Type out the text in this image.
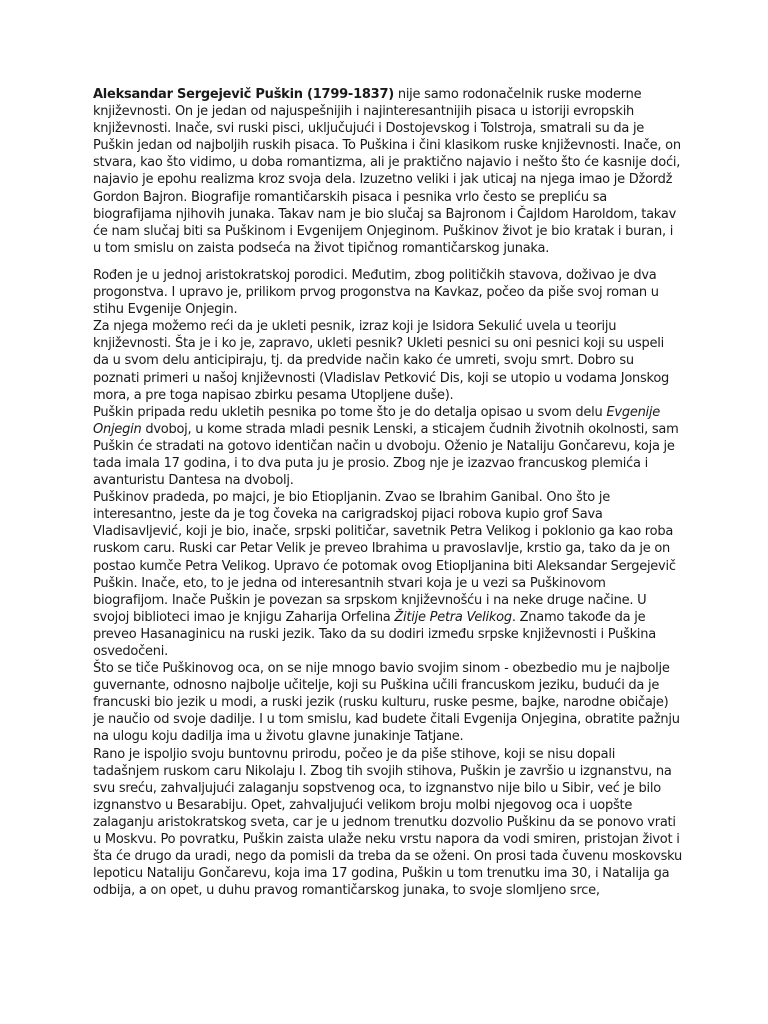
Aleksandar Sergejevič Puškin (1799-1837) nije samo rodonačelnik ruske moderne književnosti. On je jedan od najuspešnijih i najinteresantnijih pisaca u istoriji evropskih književnosti. Inače, svi ruski pisci, uključujući i Dostojevskog i Tolstroja, smatrali su da je Puškin jedan od najboljih ruskih pisaca. To Puškina i čini klasikom ruske književnosti. Inače, on stvara, kao što vidimo, u doba romantizma, ali je praktično najavio i nešto što će kasnije doći, najavio je epohu realizma kroz svoja dela. Izuzetno veliki i jak uticaj na njega imao je Džordž Gordon Bajron. Biografije romantičarskih pisaca i pesnika vrlo često se prepliću sa biografijama njihovih junaka. Takav nam je bio slučaj sa Bajronom i Čajldom Haroldom, takav će nam slučaj biti sa Puškinom i Evgenijem Onjeginom. Puškinov život je bio kratak i buran, i u tom smislu on zaista podseća na život tipičnog romantičarskog junaka.

Rođen je u jednoj aristokratskoj porodici. Međutim, zbog političkih stavova, doživao je dva progonstva. I upravo je, prilikom prvog progonstva na Kavkaz, počeo da piše svoj roman u stihu Evgenije Onjegin.

Za njega možemo reći da je ukleti pesnik, izraz koji je Isidora Sekulić uvela u teoriju književnosti. Šta je i ko je, zapravo, ukleti pesnik? Ukleti pesnici su oni pesnici koji su uspeli da u svom delu anticipiraju, tj. da predvide način kako će umreti, svoju smrt. Dobro su poznati primeri u našoj književnosti (Vladislav Petković Dis, koji se utopio u vodama Jonskog mora, a pre toga napisao zbirku pesama Utopljene duše).

Puškin pripada redu ukletih pesnika po tome što je do detalja opisao u svom delu Evgenije Onjegin dvoboj, u kome strada mladi pesnik Lenski, a sticajem čudnih životnih okolnosti, sam Puškin će stradati na gotovo identičan način u dvoboju. Oženio je Nataliju Gončarevu, koja je tada imala 17 godina, i to dva puta ju je prosio. Zbog nje je izazvao francuskog plemića i avanturistu Dantesa na dvobolj.

Puškinov pradeda, po majci, je bio Etiopljanin. Zvao se Ibrahim Ganibal. Ono što je interesantno, jeste da je tog čoveka na carigradskoj pijaci robova kupio grof Sava Vladisavljević, koji je bio, inače, srpski političar, savetnik Petra Velikog i poklonio ga kao roba ruskom caru. Ruski car Petar Velik je preveo Ibrahima u pravoslavlje, krstio ga, tako da je on postao kumče Petra Velikog. Upravo će potomak ovog Etiopljanina biti Aleksandar Sergejevič Puškin. Inače, eto, to je jedna od interesantnih stvari koja je u vezi sa Puškinovom biografijom. Inače Puškin je povezan sa srpskom književnošću i na neke druge načine. U svojoj biblioteci imao je knjigu Zaharija Orfelina Žitije Petra Velikog. Znamo takođe da je preveo Hasanaginicu na ruski jezik. Tako da su dodiri između srpske književnosti i Puškina osvedočeni.

Što se tiče Puškinovog oca, on se nije mnogo bavio svojim sinom - obezbedio mu je najbolje guvernante, odnosno najbolje učitelje, koji su Puškina učili francuskom jeziku, budući da je francuski bio jezik u modi, a ruski jezik (rusku kulturu, ruske pesme, bajke, narodne običaje) je naučio od svoje dadilje. I u tom smislu, kad budete čitali Evgenija Onjegina, obratite pažnju na ulogu koju dadilja ima u životu glavne junakinje Tatjane.

Rano je ispoljio svoju buntovnu prirodu, počeo je da piše stihove, koji se nisu dopali tadašnjem ruskom caru Nikolaju I. Zbog tih svojih stihova, Puškin je završio u izgnanstvu, na svu sreću, zahvaljujući zalaganju sopstvenog oca, to izgnanstvo nije bilo u Sibir, već je bilo izgnanstvo u Besarabiju. Opet, zahvaljujući velikom broju molbi njegovog oca i uopšte zalaganju aristokratskog sveta, car je u jednom trenutku dozvolio Puškinu da se ponovo vrati u Moskvu. Po povratku, Puškin zaista ulaže neku vrstu napora da vodi smiren, pristojan život i šta će drugo da uradi, nego da pomisli da treba da se oženi. On prosi tada čuvenu moskovsku lepoticu Nataliju Gončarevu, koja ima 17 godina, Puškin u tom trenutku ima 30, i Natalija ga odbija, a on opet, u duhu pravog romantičarskog junaka, to svoje slomljeno srce,
